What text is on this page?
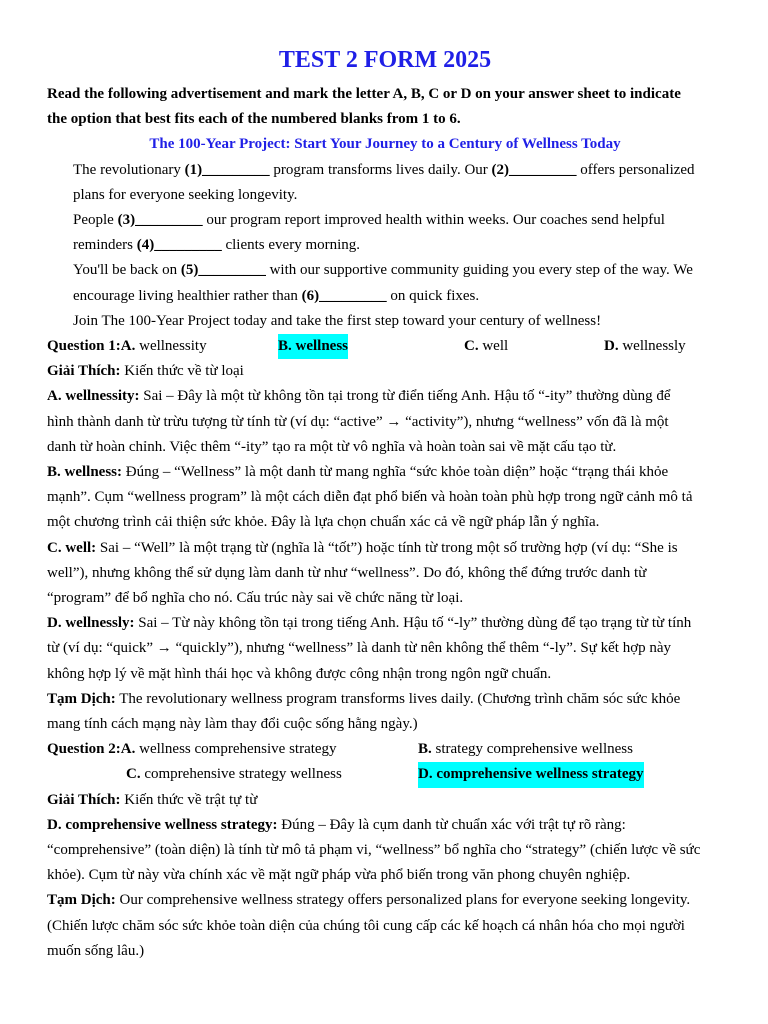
TEST 2 FORM 2025
Read the following advertisement and mark the letter A, B, C or D on your answer sheet to indicate
the option that best fits each of the numbered blanks from 1 to 6.
The 100-Year Project: Start Your Journey to a Century of Wellness Today
The revolutionary (1)_________ program transforms lives daily. Our (2)_________ offers personalized
plans for everyone seeking longevity.
People (3)_________ our program report improved health within weeks. Our coaches send helpful
reminders (4)_________ clients every morning.
You'll be back on (5)_________ with our supportive community guiding you every step of the way. We
encourage living healthier rather than (6)_________ on quick fixes.
Join The 100-Year Project today and take the first step toward your century of wellness!
Question 1:A. wellnessity	B. wellness	C. well	D. wellnessly
Giải Thích: Kiến thức về từ loại
A. wellnessity: Sai – Đây là một từ không tồn tại trong từ điển tiếng Anh. Hậu tố “-ity” thường dùng để
hình thành danh từ trừu tượng từ tính từ (ví dụ: “active” → “activity”), nhưng “wellness” vốn đã là một
danh từ hoàn chỉnh. Việc thêm “-ity” tạo ra một từ vô nghĩa và hoàn toàn sai về mặt cấu tạo từ.
B. wellness: Đúng – “Wellness” là một danh từ mang nghĩa “sức khỏe toàn diện” hoặc “trạng thái khỏe
mạnh”. Cụm “wellness program” là một cách diễn đạt phổ biến và hoàn toàn phù hợp trong ngữ cảnh mô tả
một chương trình cải thiện sức khỏe. Đây là lựa chọn chuẩn xác cả về ngữ pháp lẫn ý nghĩa.
C. well: Sai – “Well” là một trạng từ (nghĩa là “tốt”) hoặc tính từ trong một số trường hợp (ví dụ: “She is
well”), nhưng không thể sử dụng làm danh từ như “wellness”. Do đó, không thể đứng trước danh từ
“program” để bổ nghĩa cho nó. Cấu trúc này sai về chức năng từ loại.
D. wellnessly: Sai – Từ này không tồn tại trong tiếng Anh. Hậu tố “-ly” thường dùng để tạo trạng từ từ tính
từ (ví dụ: “quick” → “quickly”), nhưng “wellness” là danh từ nên không thể thêm “-ly”. Sự kết hợp này
không hợp lý về mặt hình thái học và không được công nhận trong ngôn ngữ chuẩn.
Tạm Dịch: The revolutionary wellness program transforms lives daily. (Chương trình chăm sóc sức khỏe
mang tính cách mạng này làm thay đổi cuộc sống hằng ngày.)
Question 2:A. wellness comprehensive strategy	B. strategy comprehensive wellness
C. comprehensive strategy wellness	D. comprehensive wellness strategy
Giải Thích: Kiến thức về trật tự từ
D. comprehensive wellness strategy: Đúng – Đây là cụm danh từ chuẩn xác với trật tự rõ ràng:
“comprehensive” (toàn diện) là tính từ mô tả phạm vi, “wellness” bổ nghĩa cho “strategy” (chiến lược về sức
khỏe). Cụm từ này vừa chính xác về mặt ngữ pháp vừa phổ biến trong văn phong chuyên nghiệp.
Tạm Dịch: Our comprehensive wellness strategy offers personalized plans for everyone seeking longevity.
(Chiến lược chăm sóc sức khỏe toàn diện của chúng tôi cung cấp các kế hoạch cá nhân hóa cho mọi người
muốn sống lâu.)
